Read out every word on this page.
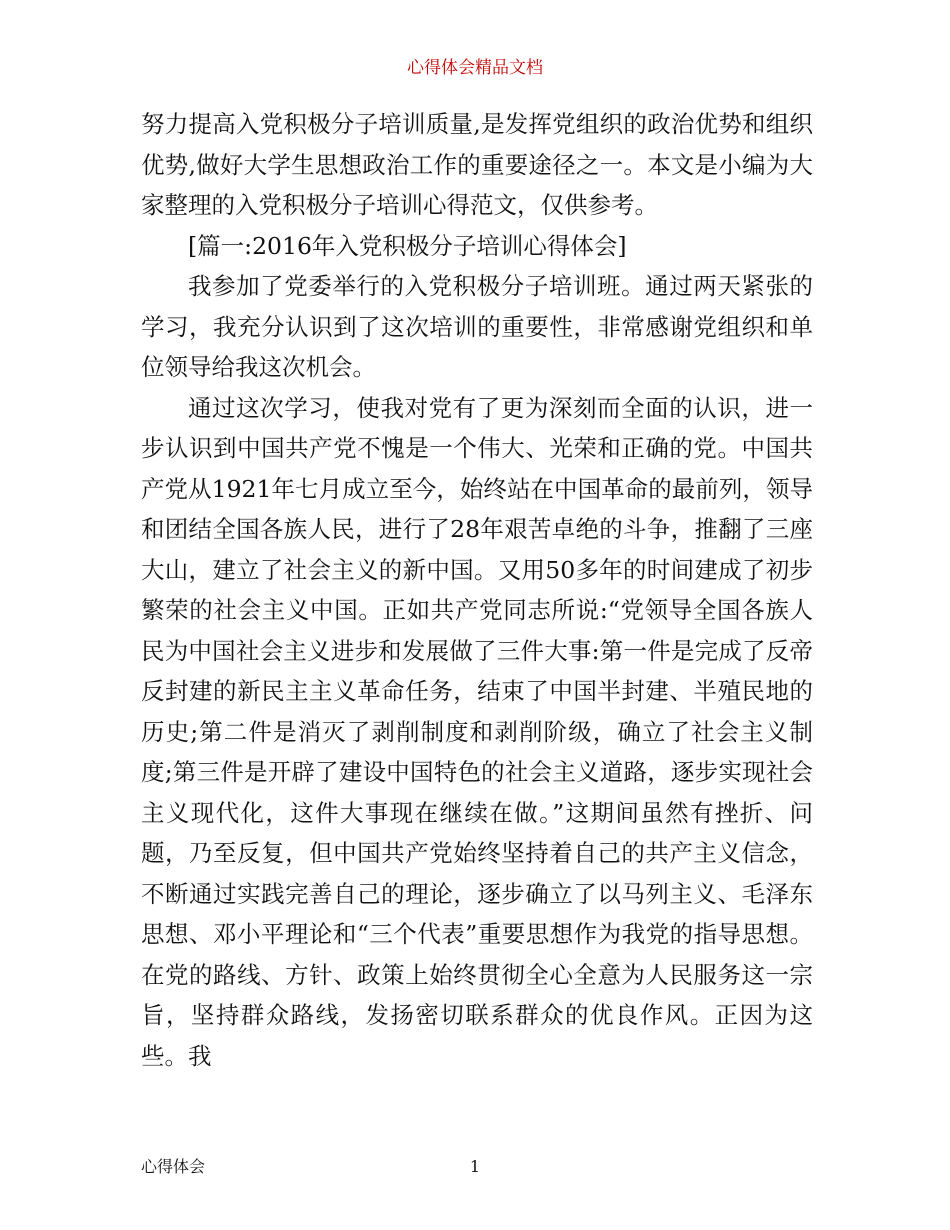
心得体会精品文档

努力提高入党积极分子培训质量,是发挥党组织的政治优势和组织优势,做好大学生思想政治工作的重要途径之一。本文是小编为大家整理的入党积极分子培训心得范文，仅供参考。

[篇一:2016年入党积极分子培训心得体会]

我参加了党委举行的入党积极分子培训班。通过两天紧张的学习，我充分认识到了这次培训的重要性，非常感谢党组织和单位领导给我这次机会。

通过这次学习，使我对党有了更为深刻而全面的认识，进一步认识到中国共产党不愧是一个伟大、光荣和正确的党。中国共产党从1921年七月成立至今，始终站在中国革命的最前列，领导和团结全国各族人民，进行了28年艰苦卓绝的斗争，推翻了三座大山，建立了社会主义的新中国。又用50多年的时间建成了初步繁荣的社会主义中国。正如共产党同志所说:“党领导全国各族人民为中国社会主义进步和发展做了三件大事:第一件是完成了反帝反封建的新民主主义革命任务，结束了中国半封建、半殖民地的历史;第二件是消灭了剥削制度和剥削阶级，确立了社会主义制度;第三件是开辟了建设中国特色的社会主义道路，逐步实现社会主义现代化，这件大事现在继续在做。”这期间虽然有挫折、问题，乃至反复，但中国共产党始终坚持着自己的共产主义信念，不断通过实践完善自己的理论，逐步确立了以马列主义、毛泽东思想、邓小平理论和“三个代表”重要思想作为我党的指导思想。在党的路线、方针、政策上始终贯彻全心全意为人民服务这一宗旨，坚持群众路线，发扬密切联系群众的优良作风。正因为这些。我

心得体会	1
